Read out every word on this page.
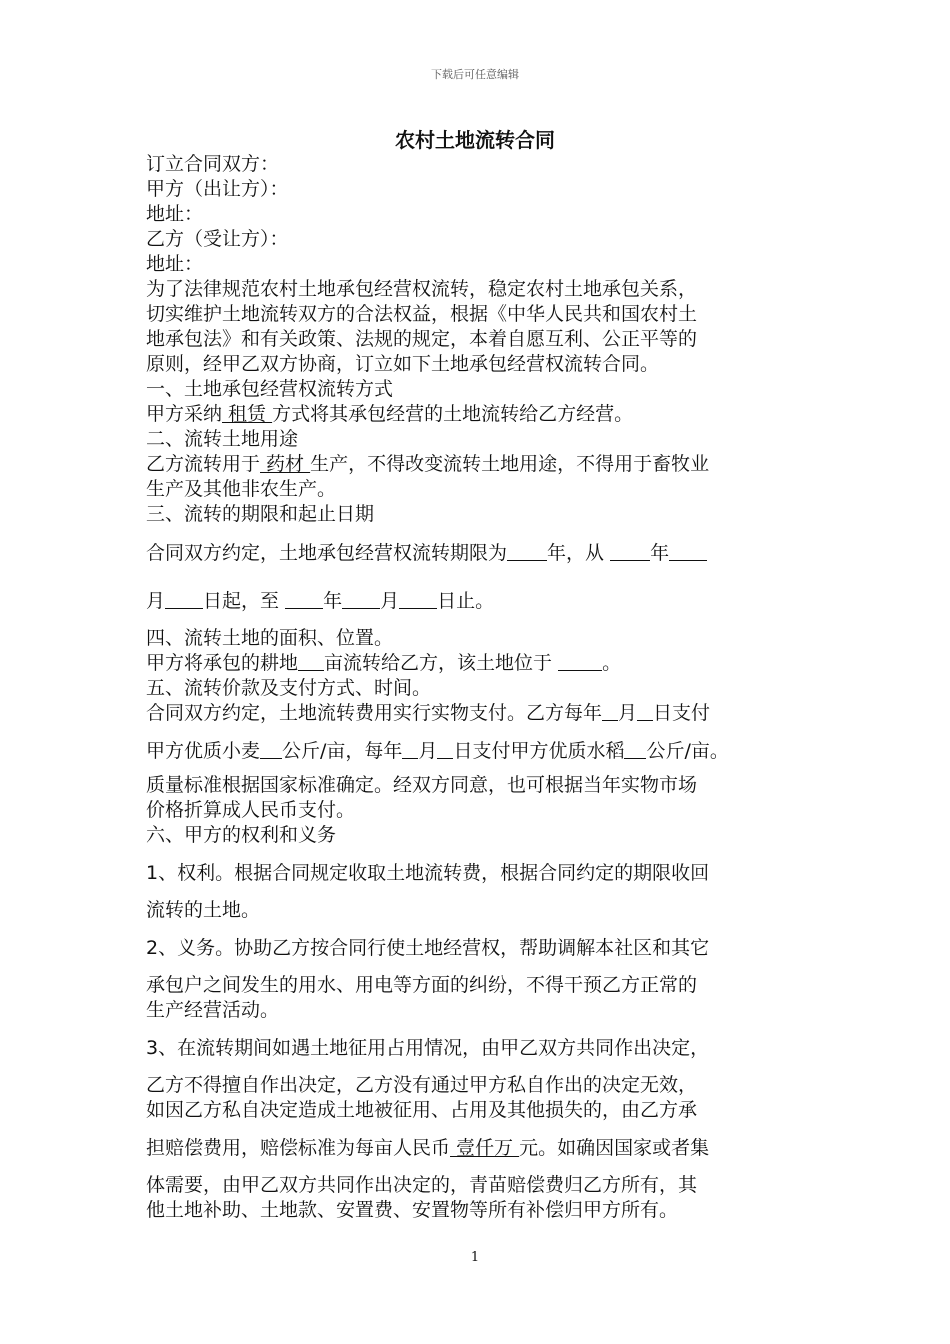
下载后可任意编辑
农村土地流转合同
订立合同双方：
甲方（出让方）：
地址：
乙方（受让方）：
地址：
为了法律规范农村土地承包经营权流转，稳定农村土地承包关系，
切实维护土地流转双方的合法权益，根据《中华人民共和国农村土
地承包法》和有关政策、法规的规定，本着自愿互利、公正平等的
原则，经甲乙双方协商，订立如下土地承包经营权流转合同。
一、土地承包经营权流转方式
甲方采纳 租赁 方式将其承包经营的土地流转给乙方经营。
二、流转土地用途
乙方流转用于 药材 生产，不得改变流转土地用途，不得用于畜牧业
生产及其他非农生产。
三、流转的期限和起止日期
合同双方约定，土地承包经营权流转期限为 年，从 年
月 日起，至 年 月 日止。
四、流转土地的面积、位置。
甲方将承包的耕地 亩流转给乙方，该土地位于 。
五、流转价款及支付方式、时间。
合同双方约定，土地流转费用实行实物支付。乙方每年 月 日支付
甲方优质小麦 公斤/亩，每年 月 日支付甲方优质水稻 公斤/亩。
质量标准根据国家标准确定。经双方同意，也可根据当年实物市场
价格折算成人民币支付。
六、甲方的权利和义务
1、权利。根据合同规定收取土地流转费，根据合同约定的期限收回
流转的土地。
2、义务。协助乙方按合同行使土地经营权，帮助调解本社区和其它
承包户之间发生的用水、用电等方面的纠纷，不得干预乙方正常的
生产经营活动。
3、在流转期间如遇土地征用占用情况，由甲乙双方共同作出决定，
乙方不得擅自作出决定，乙方没有通过甲方私自作出的决定无效，
如因乙方私自决定造成土地被征用、占用及其他损失的，由乙方承
担赔偿费用，赔偿标准为每亩人民币 壹仟万 元。如确因国家或者集
体需要，由甲乙双方共同作出决定的，青苗赔偿费归乙方所有，其
他土地补助、土地款、安置费、安置物等所有补偿归甲方所有。
1
